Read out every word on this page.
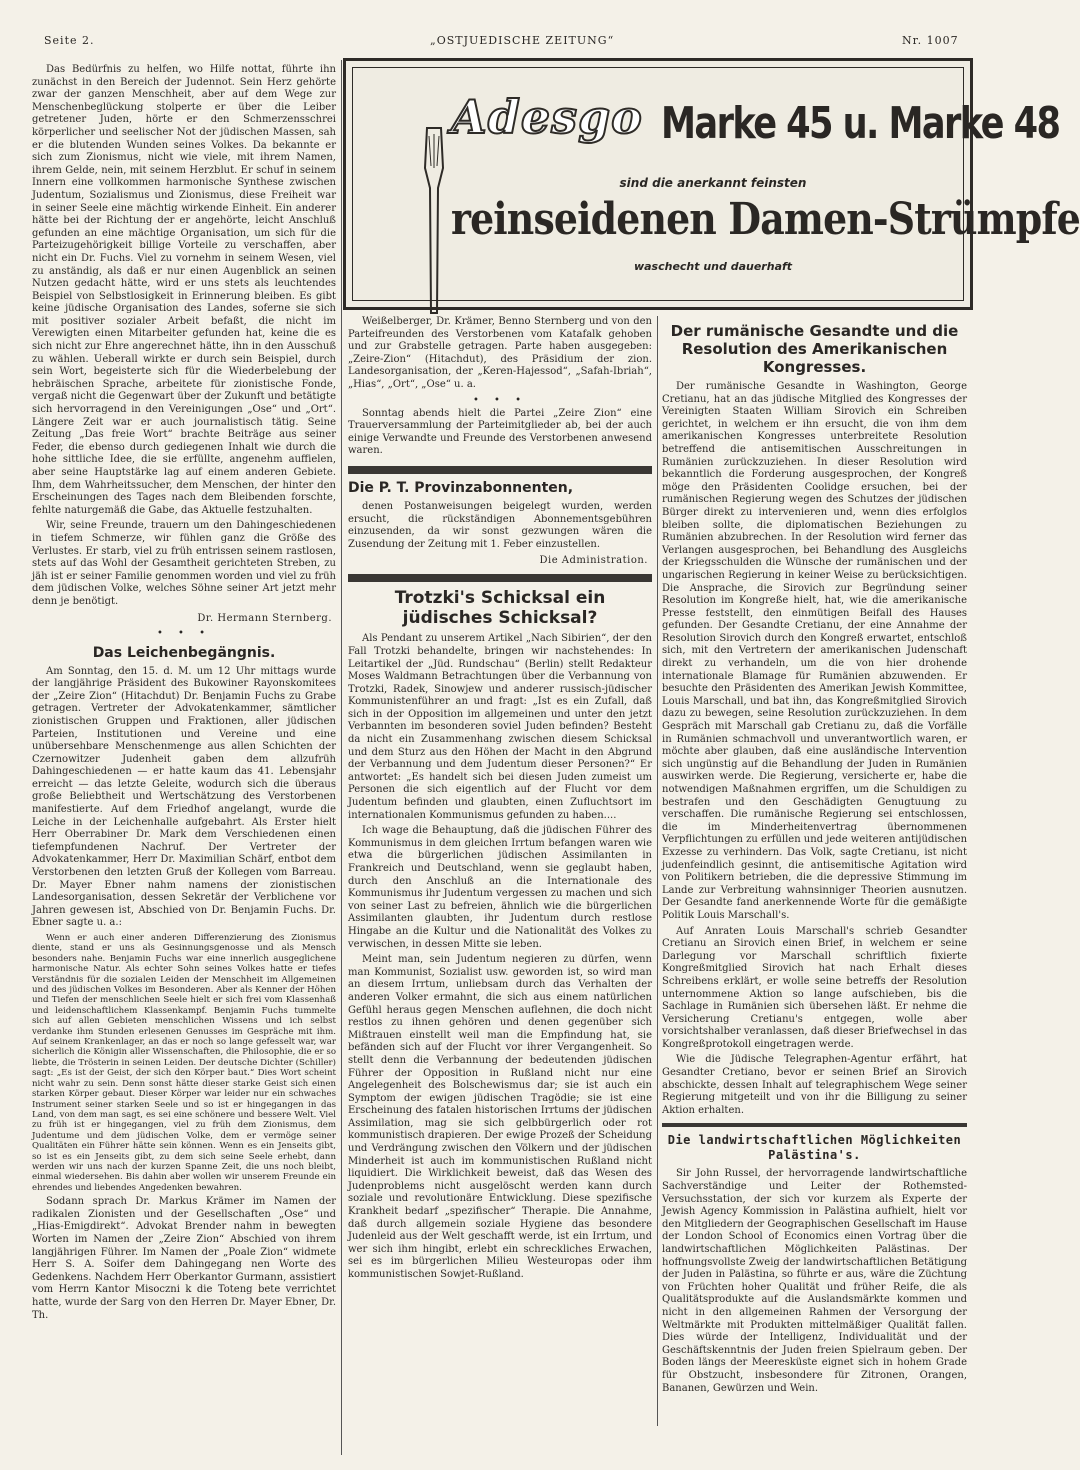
Seite 2.	„OSTJUEDISCHE ZEITUNG“	Nr. 1007
Adesgo Marke 45 u. Marke 48
sind die anerkannt feinsten
reinseidenen Damen-Strümpfe
waschecht und dauerhaft

Das Bedürfnis zu helfen, wo Hilfe nottat, führte ihn zunächst in den Bereich der Judennot. Sein Herz gehörte zwar der ganzen Menschheit, aber auf dem Wege zur Menschenbeglückung stolperte er über die Leiber getretener Juden, hörte er den Schmerzensschrei körperlicher und seelischer Not der jüdischen Massen, sah er die blutenden Wunden seines Volkes. Da bekannte er sich zum Zionismus, nicht wie viele, mit ihrem Namen, ihrem Gelde, nein, mit seinem Herzblut. Er schuf in seinem Innern eine vollkommen harmonische Synthese zwischen Judentum, Sozialismus und Zionismus, diese Freiheit war in seiner Seele eine mächtig wirkende Einheit. Ein anderer hätte bei der Richtung der er angehörte, leicht Anschluß gefunden an eine mächtige Organisation, um sich für die Parteizugehörigkeit billige Vorteile zu verschaffen, aber nicht ein Dr. Fuchs. Viel zu vornehm in seinem Wesen, viel zu anständig, als daß er nur einen Augenblick an seinen Nutzen gedacht hätte, wird er uns stets als leuchtendes Beispiel von Selbstlosigkeit in Erinnerung bleiben. Es gibt keine jüdische Organisation des Landes, soferne sie sich mit positiver sozialer Arbeit befaßt, die nicht im Verewigten einen Mitarbeiter gefunden hat, keine die es sich nicht zur Ehre angerechnet hätte, ihn in den Ausschuß zu wählen. Ueberall wirkte er durch sein Beispiel, durch sein Wort, begeisterte sich für die Wiederbelebung der hebräischen Sprache, arbeitete für zionistische Fonde, vergaß nicht die Gegenwart über der Zukunft und betätigte sich hervorragend in den Vereinigungen „Ose“ und „Ort“. Längere Zeit war er auch journalistisch tätig. Seine Zeitung „Das freie Wort“ brachte Beiträge aus seiner Feder, die ebenso durch gediegenen Inhalt wie durch die hohe sittliche Idee, die sie erfüllte, angenehm auffielen, aber seine Hauptstärke lag auf einem anderen Gebiete. Ihm, dem Wahrheitssucher, dem Menschen, der hinter den Erscheinungen des Tages nach dem Bleibenden forschte, fehlte naturgemäß die Gabe, das Aktuelle festzuhalten.

Wir, seine Freunde, trauern um den Dahingeschiedenen in tiefem Schmerze, wir fühlen ganz die Größe des Verlustes. Er starb, viel zu früh entrissen seinem rastlosen, stets auf das Wohl der Gesamtheit gerichteten Streben, zu jäh ist er seiner Familie genommen worden und viel zu früh dem jüdischen Volke, welches Söhne seiner Art jetzt mehr denn je benötigt.

Dr. Hermann Sternberg.
• • •
Das Leichenbegängnis.

Am Sonntag, den 15. d. M. um 12 Uhr mittags wurde der langjährige Präsident des Bukowiner Rayonskomitees der „Zeire Zion“ (Hitachdut) Dr. Benjamin Fuchs zu Grabe getragen. Vertreter der Advokatenkammer, sämtlicher zionistischen Gruppen und Fraktionen, aller jüdischen Parteien, Institutionen und Vereine und eine unübersehbare Menschenmenge aus allen Schichten der Czernowitzer Judenheit gaben dem allzufrüh Dahingeschiedenen — er hatte kaum das 41. Lebensjahr erreicht — das letzte Geleite, wodurch sich die überaus große Beliebtheit und Wertschätzung des Verstorbenen manifestierte. Auf dem Friedhof angelangt, wurde die Leiche in der Leichenhalle aufgebahrt. Als Erster hielt Herr Oberrabiner Dr. Mark dem Verschiedenen einen tiefempfundenen Nachruf. Der Vertreter der Advokatenkammer, Herr Dr. Maximilian Schärf, entbot dem Verstorbenen den letzten Gruß der Kollegen vom Barreau. Dr. Mayer Ebner nahm namens der zionistischen Landesorganisation, dessen Sekretär der Verblichene vor Jahren gewesen ist, Abschied von Dr. Benjamin Fuchs. Dr. Ebner sagte u. a.:

Wenn er auch einer anderen Differenzierung des Zionismus diente, stand er uns als Gesinnungsgenosse und als Mensch besonders nahe. Benjamin Fuchs war eine innerlich ausgeglichene harmonische Natur. Als echter Sohn seines Volkes hatte er tiefes Verständnis für die sozialen Leiden der Menschheit im Allgemeinen und des jüdischen Volkes im Besonderen. Aber als Kenner der Höhen und Tiefen der menschlichen Seele hielt er sich frei vom Klassenhaß und leidenschaftlichem Klassenkampf. Benjamin Fuchs tummelte sich auf allen Gebieten menschlichen Wissens und ich selbst verdanke ihm Stunden erlesenen Genusses im Gespräche mit ihm. Auf seinem Krankenlager, an das er noch so lange gefesselt war, war sicherlich die Königin aller Wissenschaften, die Philosophie, die er so liebte, die Trösterin in seinen Leiden. Der deutsche Dichter (Schiller) sagt: „Es ist der Geist, der sich den Körper baut.“ Dies Wort scheint nicht wahr zu sein. Denn sonst hätte dieser starke Geist sich einen starken Körper gebaut. Dieser Körper war leider nur ein schwaches Instrument seiner starken Seele und so ist er hingegangen in das Land, von dem man sagt, es sei eine schönere und bessere Welt. Viel zu früh ist er hingegangen, viel zu früh dem Zionismus, dem Judentume und dem jüdischen Volke, dem er vermöge seiner Qualitäten ein Führer hätte sein können. Wenn es ein Jenseits gibt, so ist es ein Jenseits gibt, zu dem sich seine Seele erhebt, dann werden wir uns nach der kurzen Spanne Zeit, die uns noch bleibt, einmal wiedersehen. Bis dahin aber wollen wir unserem Freunde ein ehrendes und liebendes Angedenken bewahren.

Sodann sprach Dr. Markus Krämer im Namen der radikalen Zionisten und der Gesellschaften „Ose“ und „Hias-Emigdirekt“. Advokat Brender nahm in bewegten Worten im Namen der „Zeire Zion“ Abschied von ihrem langjährigen Führer. Im Namen der „Poale Zion“ widmete Herr S. A. Soifer dem Dahingegang nen Worte des Gedenkens. Nachdem Herr Oberkantor Gurmann, assistiert vom Herrn Kantor Misoczni k die Toteng bete verrichtet hatte, wurde der Sarg von den Herren Dr. Mayer Ebner, Dr. Th.

Weißelberger, Dr. Krämer, Benno Sternberg und von den Parteifreunden des Verstorbenen vom Katafalk gehoben und zur Grabstelle getragen. Parte haben ausgegeben: „Zeire-Zion“ (Hitachdut), des Präsidium der zion. Landesorganisation, der „Keren-Hajessod“, „Safah-Ibriah“, „Hias“, „Ort“, „Ose“ u. a.

• • •

Sonntag abends hielt die Partei „Zeire Zion“ eine Trauerversammlung der Parteimitglieder ab, bei der auch einige Verwandte und Freunde des Verstorbenen anwesend waren.

Die P. T. Provinzabonnenten,

denen Postanweisungen beigelegt wurden, werden ersucht, die rückständigen Abonnementsgebühren einzusenden, da wir sonst gezwungen wären die Zusendung der Zeitung mit 1. Feber einzustellen.

Die Administration.
Trotzki's Schicksal ein jüdisches Schicksal?

Als Pendant zu unserem Artikel „Nach Sibirien“, der den Fall Trotzki behandelte, bringen wir nachstehendes: In Leitartikel der „Jüd. Rundschau“ (Berlin) stellt Redakteur Moses Waldmann Betrachtungen über die Verbannung von Trotzki, Radek, Sinowjew und anderer russisch-jüdischer Kommunistenführer an und fragt: „Ist es ein Zufall, daß sich in der Opposition im allgemeinen und unter den jetzt Verbannten im besonderen soviel Juden befinden? Besteht da nicht ein Zusammenhang zwischen diesem Schicksal und dem Sturz aus den Höhen der Macht in den Abgrund der Verbannung und dem Judentum dieser Personen?“ Er antwortet: „Es handelt sich bei diesen Juden zumeist um Personen die sich eigentlich auf der Flucht vor dem Judentum befinden und glaubten, einen Zufluchtsort im internationalen Kommunismus gefunden zu haben....

Ich wage die Behauptung, daß die jüdischen Führer des Kommunismus in dem gleichen Irrtum befangen waren wie etwa die bürgerlichen jüdischen Assimilanten in Frankreich und Deutschland, wenn sie geglaubt haben, durch den Anschluß an die Internationale des Kommunismus ihr Judentum vergessen zu machen und sich von seiner Last zu befreien, ähnlich wie die bürgerlichen Assimilanten glaubten, ihr Judentum durch restlose Hingabe an die Kultur und die Nationalität des Volkes zu verwischen, in dessen Mitte sie leben.

Meint man, sein Judentum negieren zu dürfen, wenn man Kommunist, Sozialist usw. geworden ist, so wird man an diesem Irrtum, unliebsam durch das Verhalten der anderen Volker ermahnt, die sich aus einem natürlichen Gefühl heraus gegen Menschen auflehnen, die doch nicht restlos zu ihnen gehören und denen gegenüber sich Mißtrauen einstellt weil man die Empfindung hat, sie befänden sich auf der Flucht vor ihrer Vergangenheit. So stellt denn die Verbannung der bedeutenden jüdischen Führer der Opposition in Rußland nicht nur eine Angelegenheit des Bolschewismus dar; sie ist auch ein Symptom der ewigen jüdischen Tragödie; sie ist eine Erscheinung des fatalen historischen Irrtums der jüdischen Assimilation, mag sie sich gelbbürgerlich oder rot kommunistisch drapieren. Der ewige Prozeß der Scheidung und Verdrängung zwischen den Völkern und der jüdischen Minderheit ist auch im kommunistischen Rußland nicht liquidiert. Die Wirklichkeit beweist, daß das Wesen des Judenproblems nicht ausgelöscht werden kann durch soziale und revolutionäre Entwicklung. Diese spezifische Krankheit bedarf „spezifischer“ Therapie. Die Annahme, daß durch allgemein soziale Hygiene das besondere Judenleid aus der Welt geschafft werde, ist ein Irrtum, und wer sich ihm hingibt, erlebt ein schreckliches Erwachen, sei es im bürgerlichen Milieu Westeuropas oder ihm kommunistischen Sowjet-Rußland.

Der rumänische Gesandte und die Resolution des Amerikanischen Kongresses.

Der rumänische Gesandte in Washington, George Cretianu, hat an das jüdische Mitglied des Kongresses der Vereinigten Staaten William Sirovich ein Schreiben gerichtet, in welchem er ihn ersucht, die von ihm dem amerikanischen Kongresses unterbreitete Resolution betreffend die antisemitischen Ausschreitungen in Rumänien zurückzuziehen. In dieser Resolution wird bekanntlich die Forderung ausgesprochen, der Kongreß möge den Präsidenten Coolidge ersuchen, bei der rumänischen Regierung wegen des Schutzes der jüdischen Bürger direkt zu intervenieren und, wenn dies erfolglos bleiben sollte, die diplomatischen Beziehungen zu Rumänien abzubrechen. In der Resolution wird ferner das Verlangen ausgesprochen, bei Behandlung des Ausgleichs der Kriegsschulden die Wünsche der rumänischen und der ungarischen Regierung in keiner Weise zu berücksichtigen. Die Ansprache, die Sirovich zur Begründung seiner Resolution im Kongreße hielt, hat, wie die amerikanische Presse feststellt, den einmütigen Beifall des Hauses gefunden. Der Gesandte Cretianu, der eine Annahme der Resolution Sirovich durch den Kongreß erwartet, entschloß sich, mit den Vertretern der amerikanischen Judenschaft direkt zu verhandeln, um die von hier drohende internationale Blamage für Rumänien abzuwenden. Er besuchte den Präsidenten des Amerikan Jewish Kommittee, Louis Marschall, und bat ihn, das Kongreßmitglied Sirovich dazu zu bewegen, seine Resolution zurückzuziehen. In dem Gespräch mit Marschall gab Cretianu zu, daß die Vorfälle in Rumänien schmachvoll und unverantwortlich waren, er möchte aber glauben, daß eine ausländische Intervention sich ungünstig auf die Behandlung der Juden in Rumänien auswirken werde. Die Regierung, versicherte er, habe die notwendigen Maßnahmen ergriffen, um die Schuldigen zu bestrafen und den Geschädigten Genugtuung zu verschaffen. Die rumänische Regierung sei entschlossen, die im Minderheitenvertrag übernommenen Verpflichtungen zu erfüllen und jede weiteren antijüdischen Exzesse zu verhindern. Das Volk, sagte Cretianu, ist nicht judenfeindlich gesinnt, die antisemitische Agitation wird von Politikern betrieben, die die depressive Stimmung im Lande zur Verbreitung wahnsinniger Theorien ausnutzen. Der Gesandte fand anerkennende Worte für die gemäßigte Politik Louis Marschall's.

Auf Anraten Louis Marschall's schrieb Gesandter Cretianu an Sirovich einen Brief, in welchem er seine Darlegung vor Marschall schriftlich fixierte Kongreßmitglied Sirovich hat nach Erhalt dieses Schreibens erklärt, er wolle seine betreffs der Resolution unternommene Aktion so lange aufschieben, bis die Sachlage in Rumänien sich übersehen läßt. Er nehme die Versicherung Cretianu's entgegen, wolle aber vorsichtshalber veranlassen, daß dieser Briefwechsel in das Kongreßprotokoll eingetragen werde.

Wie die Jüdische Telegraphen-Agentur erfährt, hat Gesandter Cretiano, bevor er seinen Brief an Sirovich abschickte, dessen Inhalt auf telegraphischem Wege seiner Regierung mitgeteilt und von ihr die Billigung zu seiner Aktion erhalten.

Die landwirtschaftlichen Möglichkeiten Palästina's.

Sir John Russel, der hervorragende landwirtschaftliche Sachverständige und Leiter der Rothemsted-Versuchsstation, der sich vor kurzem als Experte der Jewish Agency Kommission in Palästina aufhielt, hielt vor den Mitgliedern der Geographischen Gesellschaft im Hause der London School of Economics einen Vortrag über die landwirtschaftlichen Möglichkeiten Palästinas. Der hoffnungsvollste Zweig der landwirtschaftlichen Betätigung der Juden in Palästina, so führte er aus, wäre die Züchtung von Früchten hoher Qualität und früher Reife, die als Qualitätsprodukte auf die Auslandsmärkte kommen und nicht in den allgemeinen Rahmen der Versorgung der Weltmärkte mit Produkten mittelmäßiger Qualität fallen. Dies würde der Intelligenz, Individualität und der Geschäftskenntnis der Juden freien Spielraum geben. Der Boden längs der Meeresküste eignet sich in hohem Grade für Obstzucht, insbesondere für Zitronen, Orangen, Bananen, Gewürzen und Wein.
